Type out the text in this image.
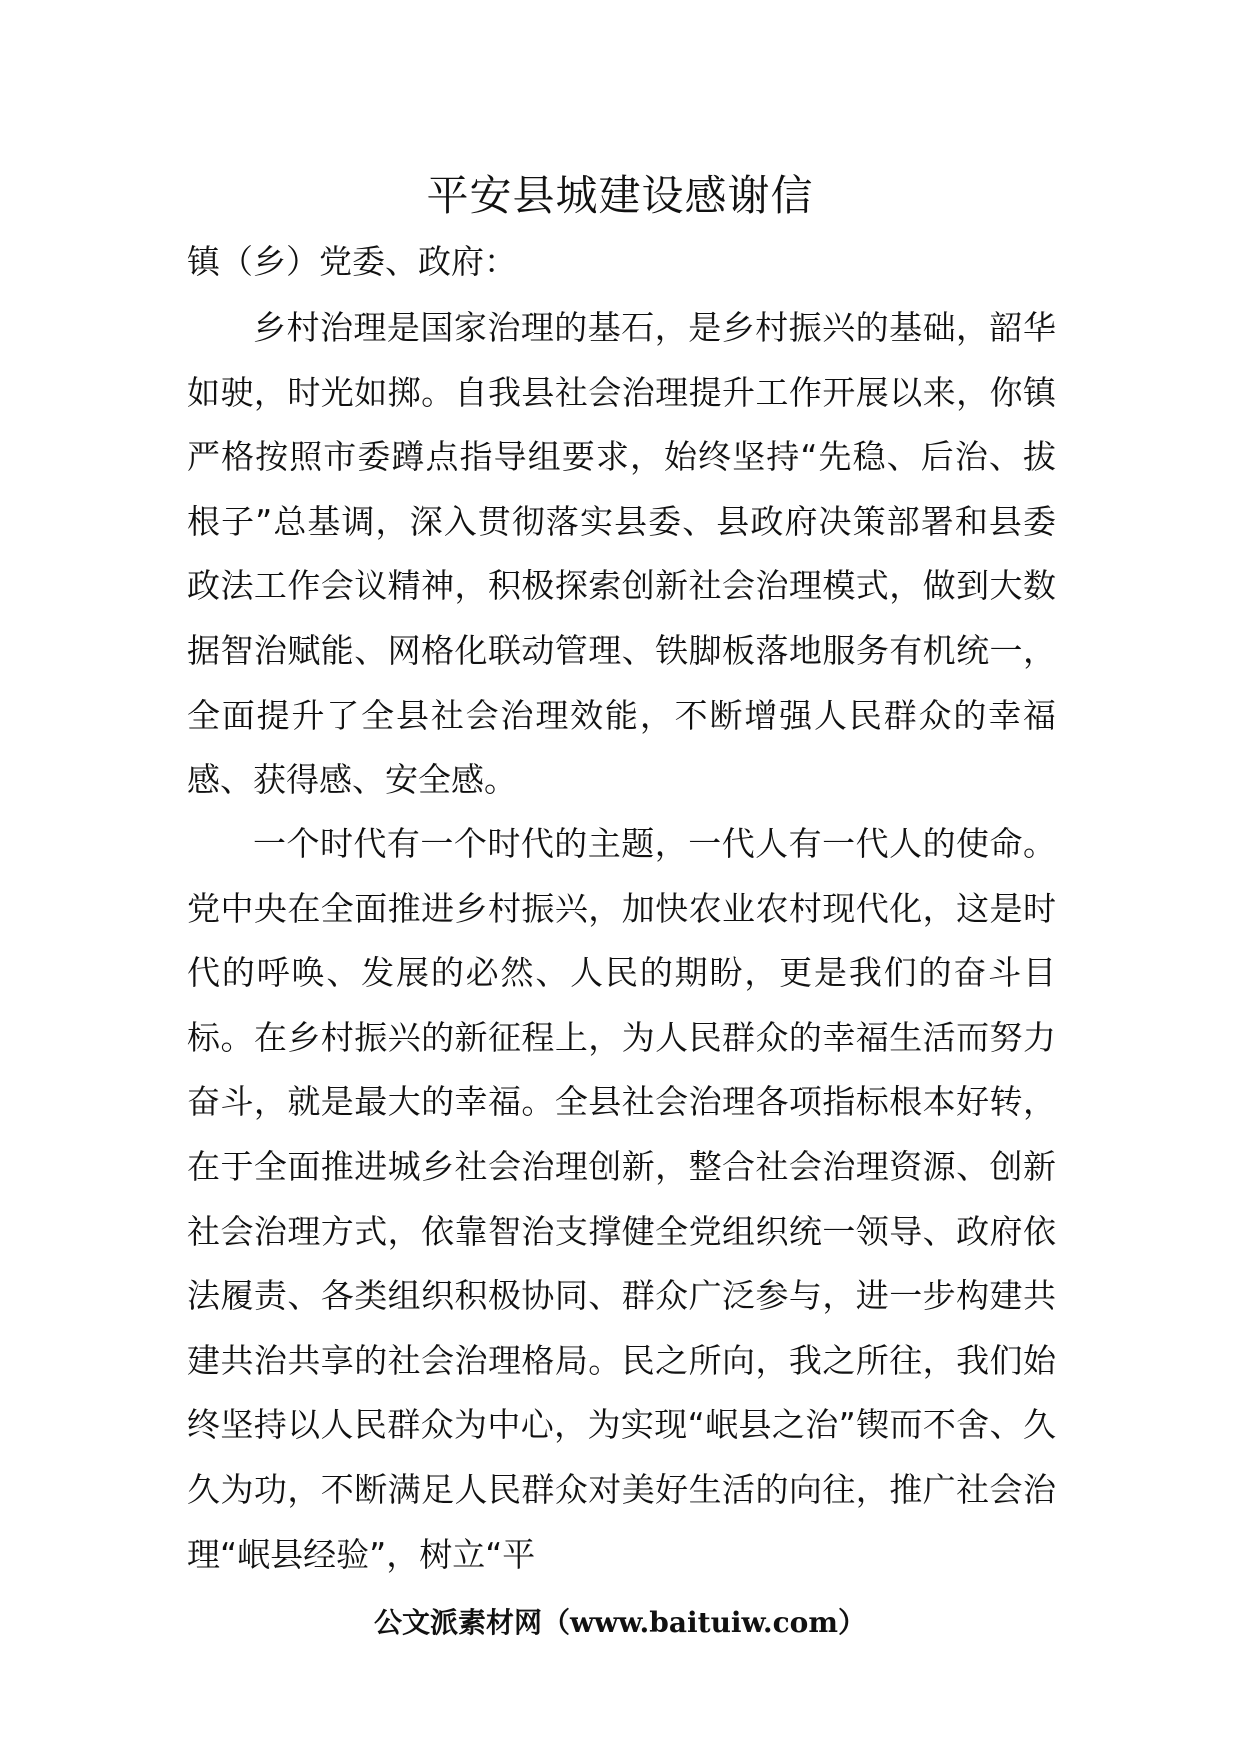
平安县城建设感谢信
镇（乡）党委、政府：

乡村治理是国家治理的基石，是乡村振兴的基础，韶华如驶，时光如掷。自我县社会治理提升工作开展以来，你镇严格按照市委蹲点指导组要求，始终坚持“先稳、后治、拔根子”总基调，深入贯彻落实县委、县政府决策部署和县委政法工作会议精神，积极探索创新社会治理模式，做到大数据智治赋能、网格化联动管理、铁脚板落地服务有机统一，全面提升了全县社会治理效能，不断增强人民群众的幸福感、获得感、安全感。

一个时代有一个时代的主题，一代人有一代人的使命。党中央在全面推进乡村振兴，加快农业农村现代化，这是时代的呼唤、发展的必然、人民的期盼，更是我们的奋斗目标。在乡村振兴的新征程上，为人民群众的幸福生活而努力奋斗，就是最大的幸福。全县社会治理各项指标根本好转，在于全面推进城乡社会治理创新，整合社会治理资源、创新社会治理方式，依靠智治支撑健全党组织统一领导、政府依法履责、各类组织积极协同、群众广泛参与，进一步构建共建共治共享的社会治理格局。民之所向，我之所往，我们始终坚持以人民群众为中心，为实现“岷县之治”锲而不舍、久久为功，不断满足人民群众对美好生活的向往，推广社会治理“岷县经验”，树立“平

公文派素材网（www.baituiw.com）
